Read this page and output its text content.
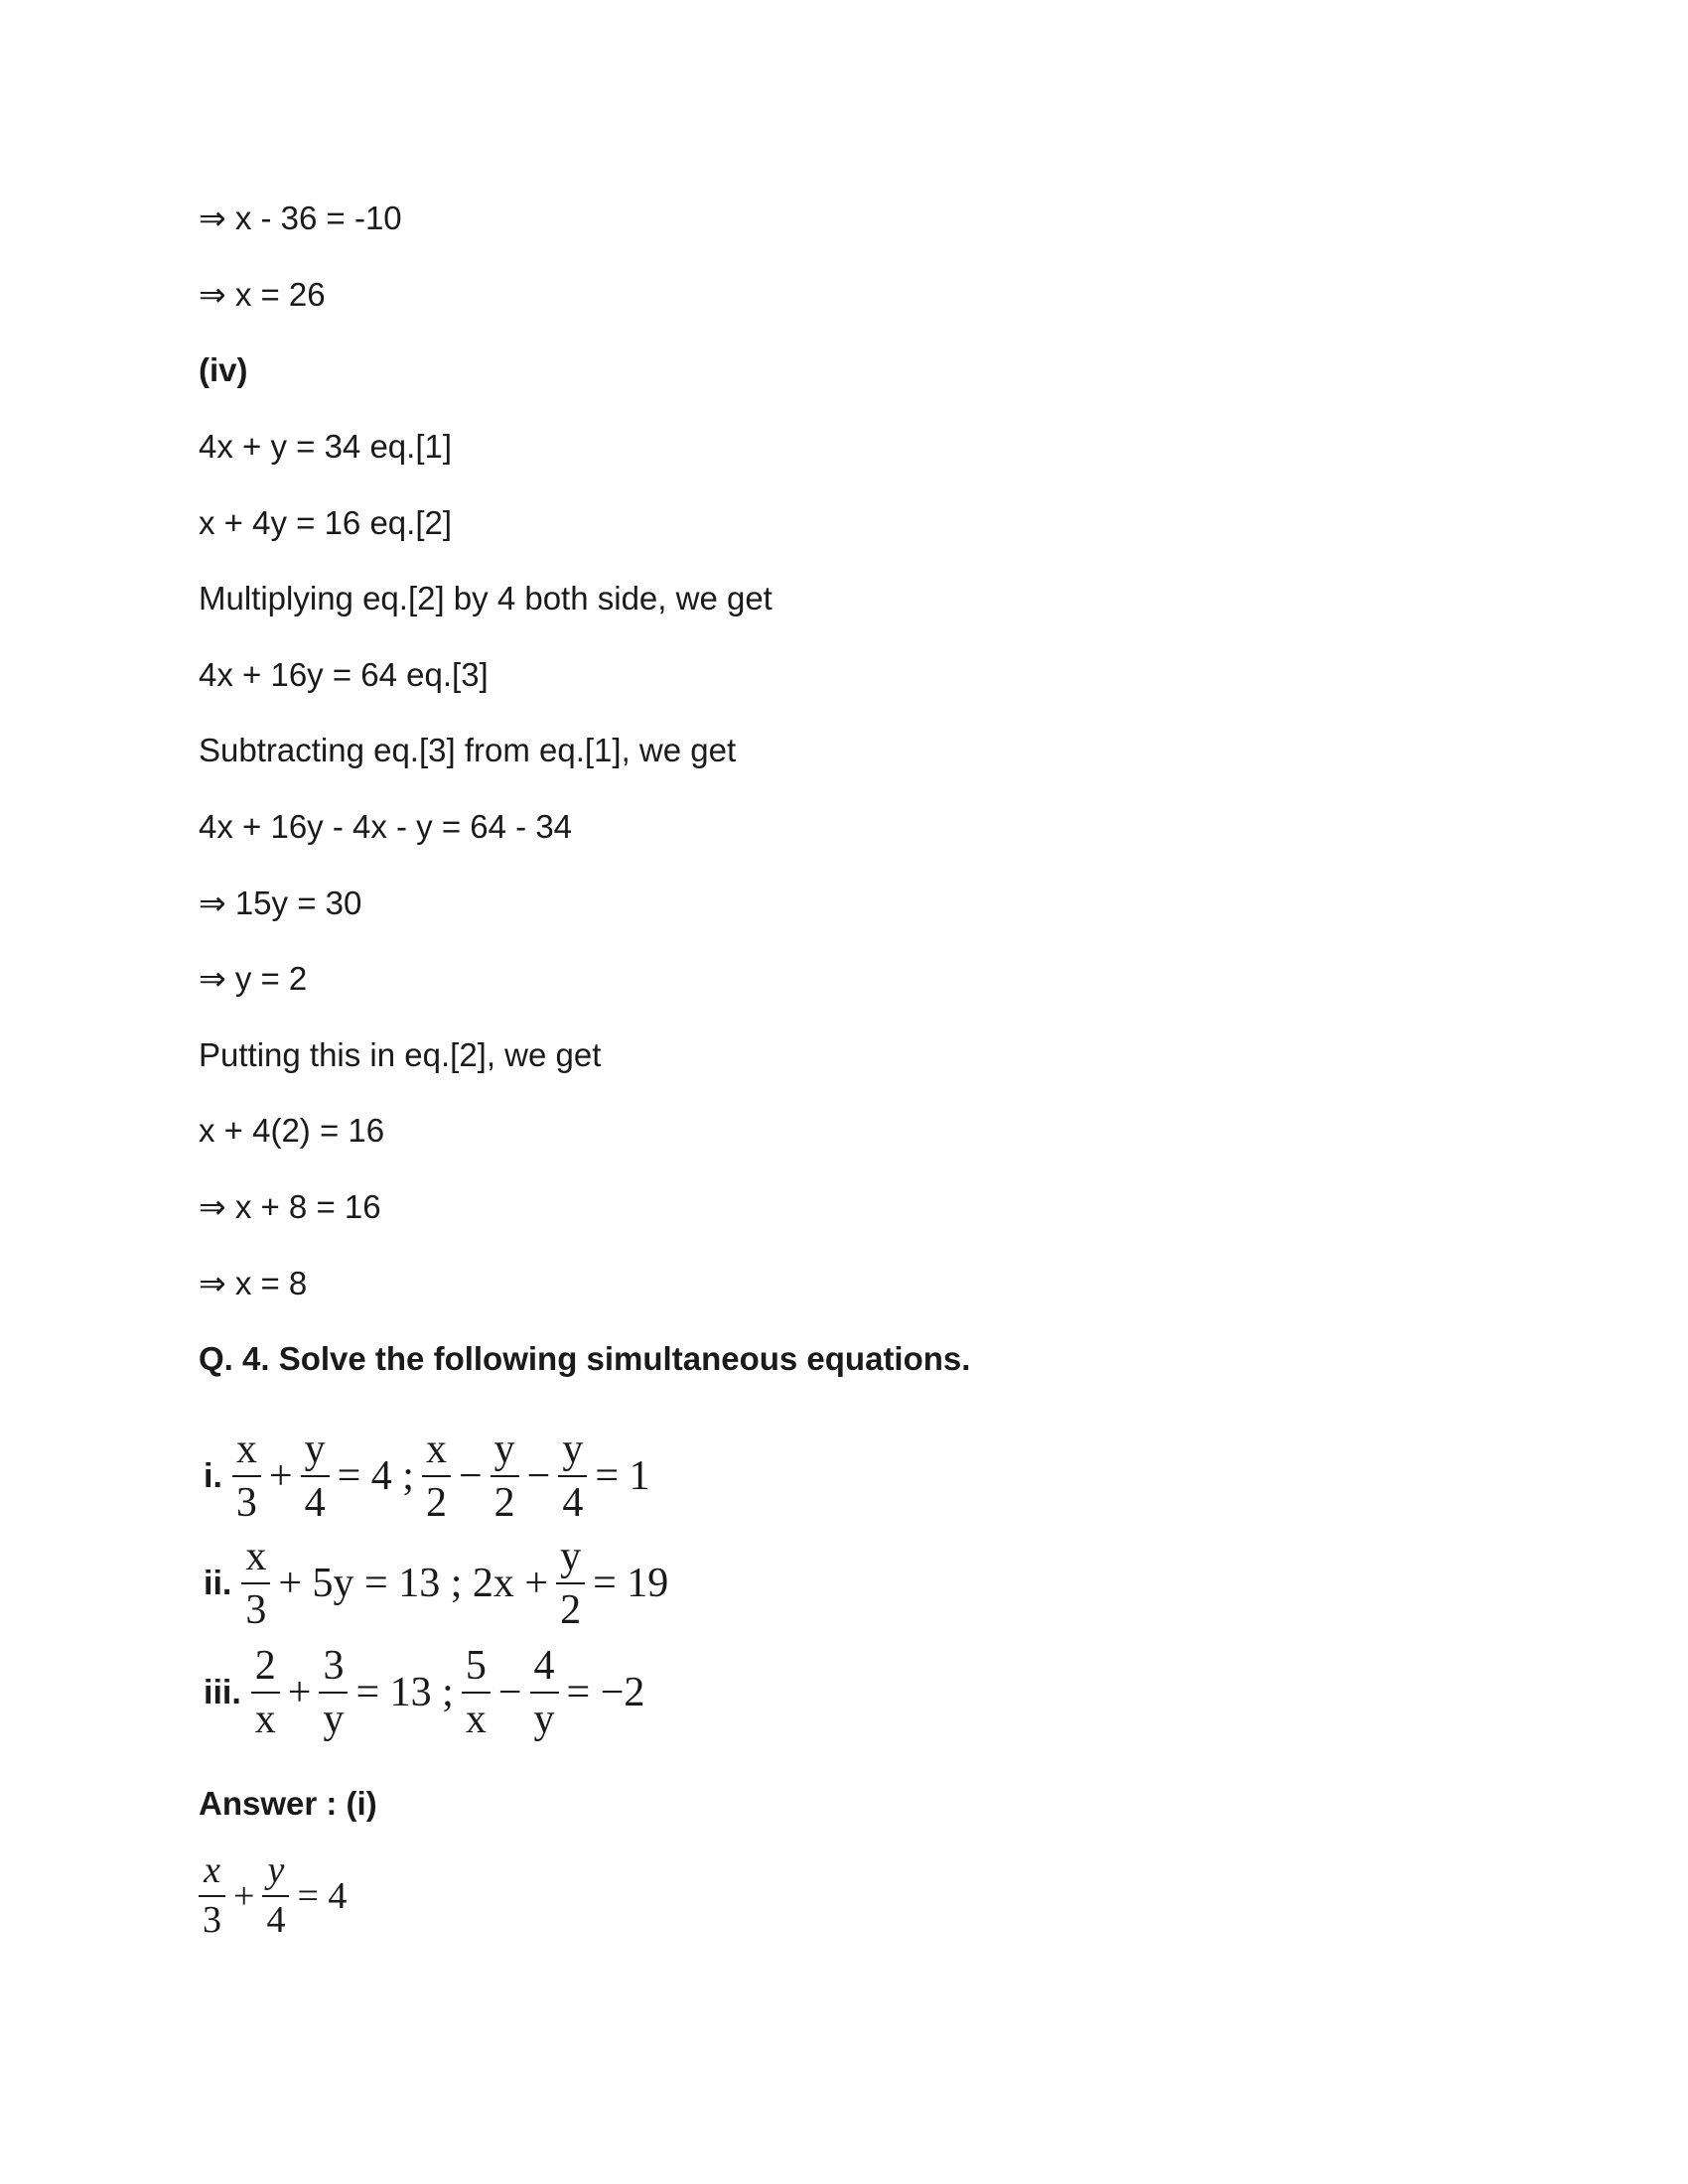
⇒ x - 36 = -10
⇒ x = 26
(iv)
4x + y = 34 eq.[1]
x + 4y = 16 eq.[2]
Multiplying eq.[2] by 4 both side, we get
4x + 16y = 64 eq.[3]
Subtracting eq.[3] from eq.[1], we get
4x + 16y - 4x - y = 64 - 34
⇒ 15y = 30
⇒ y = 2
Putting this in eq.[2], we get
x + 4(2) = 16
⇒ x + 8 = 16
⇒ x = 8
Q. 4. Solve the following simultaneous equations.
i. $\frac{x}{3} + \frac{y}{4} = 4$ ; $\frac{x}{2} - \frac{y}{2} - \frac{y}{4} = 1$
ii. $\frac{x}{3} + 5y = 13$ ; $2x + \frac{y}{2} = 19$
iii. $\frac{2}{x} + \frac{3}{y} = 13$ ; $\frac{5}{x} - \frac{4}{y} = -2$
Answer : (i)
$\frac{x}{3} + \frac{y}{4} = 4$
